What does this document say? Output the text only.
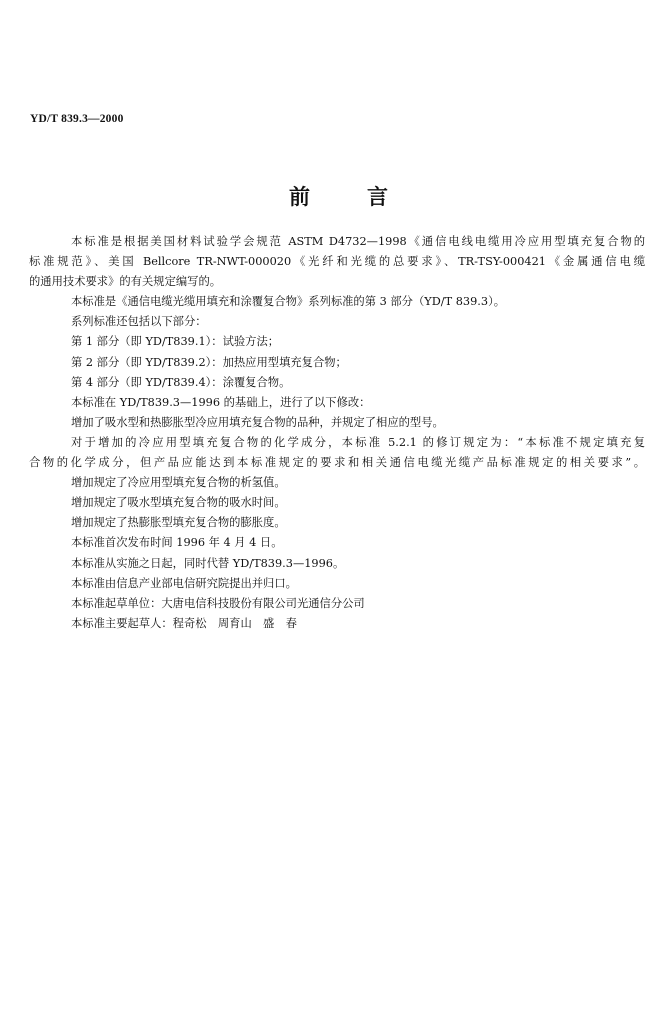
YD/T 839.3—2000
前	言
本标准是根据美国材料试验学会规范 ASTM D4732—1998《通信电线电缆用冷应用型填充复合物的
标准规范》、美国 Bellcore TR-NWT-000020《光纤和光缆的总要求》、TR-TSY-000421《金属通信电缆
的通用技术要求》的有关规定编写的。
本标准是《通信电缆光缆用填充和涂覆复合物》系列标准的第 3 部分（YD/T 839.3）。
系列标准还包括以下部分：
第 1 部分（即 YD/T839.1）：试验方法；
第 2 部分（即 YD/T839.2）：加热应用型填充复合物；
第 4 部分（即 YD/T839.4）：涂覆复合物。
本标准在 YD/T839.3—1996 的基础上，进行了以下修改：
增加了吸水型和热膨胀型冷应用填充复合物的品种，并规定了相应的型号。
对于增加的冷应用型填充复合物的化学成分，本标准 5.2.1 的修订规定为：“本标准不规定填充复
合物的化学成分，但产品应能达到本标准规定的要求和相关通信电缆光缆产品标准规定的相关要求”。
增加规定了冷应用型填充复合物的析氢值。
增加规定了吸水型填充复合物的吸水时间。
增加规定了热膨胀型填充复合物的膨胀度。
本标准首次发布时间 1996 年 4 月 4 日。
本标准从实施之日起，同时代替 YD/T839.3—1996。
本标准由信息产业部电信研究院提出并归口。
本标准起草单位：大唐电信科技股份有限公司光通信分公司
本标准主要起草人：程奇松　周育山　盛　春
